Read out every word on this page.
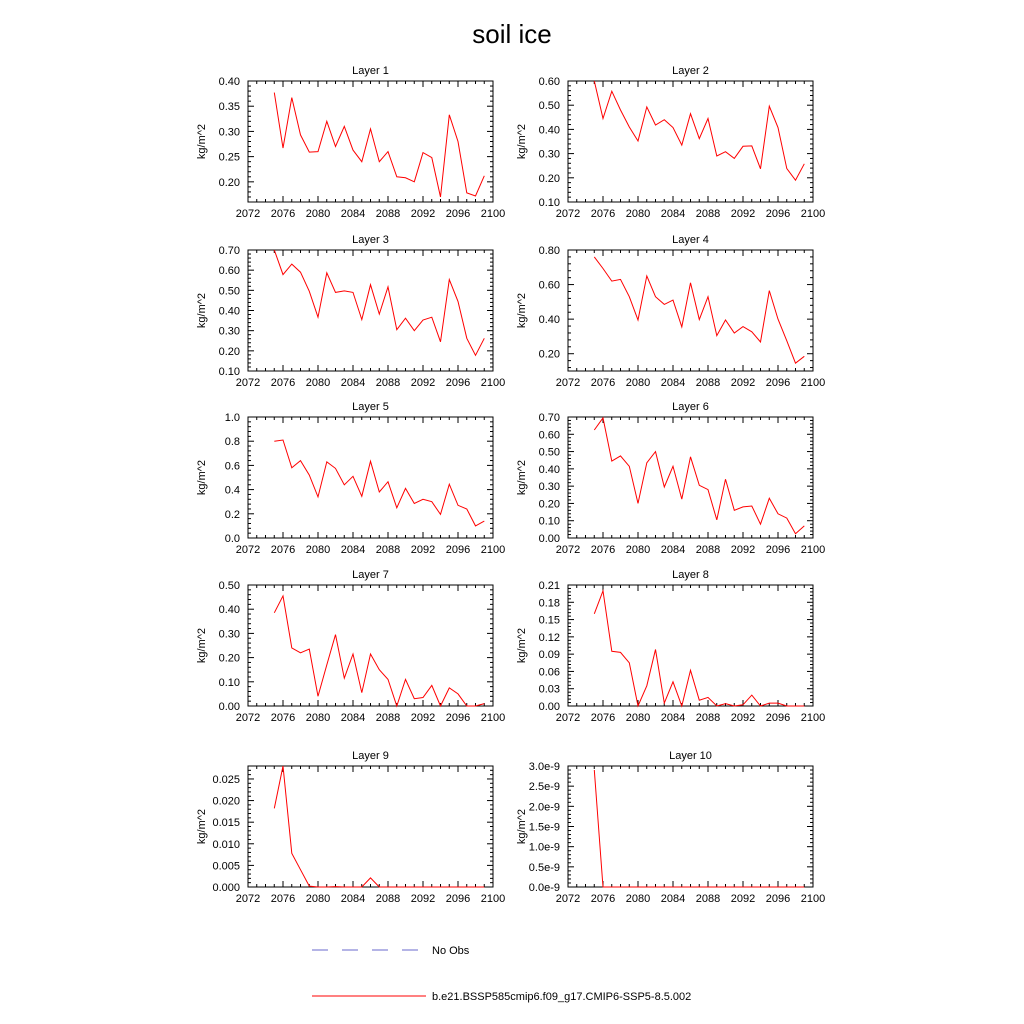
soil ice
Layer 1
kg/m^2
2072 2076 2080 2084 2088 2092 2096 2100
0.20
0.25
0.30
0.35
0.40
Layer 2
kg/m^2
2072 2076 2080 2084 2088 2092 2096 2100
0.10
0.20
0.30
0.40
0.50
0.60
Layer 3
kg/m^2
2072 2076 2080 2084 2088 2092 2096 2100
0.10
0.20
0.30
0.40
0.50
0.60
0.70
Layer 4
kg/m^2
2072 2076 2080 2084 2088 2092 2096 2100
0.20
0.40
0.60
0.80
Layer 5
kg/m^2
2072 2076 2080 2084 2088 2092 2096 2100
0.0
0.2
0.4
0.6
0.8
1.0
Layer 6
kg/m^2
2072 2076 2080 2084 2088 2092 2096 2100
0.00
0.10
0.20
0.30
0.40
0.50
0.60
0.70
Layer 7
kg/m^2
2072 2076 2080 2084 2088 2092 2096 2100
0.00
0.10
0.20
0.30
0.40
0.50
Layer 8
kg/m^2
2072 2076 2080 2084 2088 2092 2096 2100
0.00
0.03
0.06
0.09
0.12
0.15
0.18
0.21
Layer 9
kg/m^2
2072 2076 2080 2084 2088 2092 2096 2100
0.000
0.005
0.010
0.015
0.020
0.025
Layer 10
kg/m^2
2072 2076 2080 2084 2088 2092 2096 2100
0.0e-9
0.5e-9
1.0e-9
1.5e-9
2.0e-9
2.5e-9
3.0e-9
No Obs
b.e21.BSSP585cmip6.f09_g17.CMIP6-SSP5-8.5.002
